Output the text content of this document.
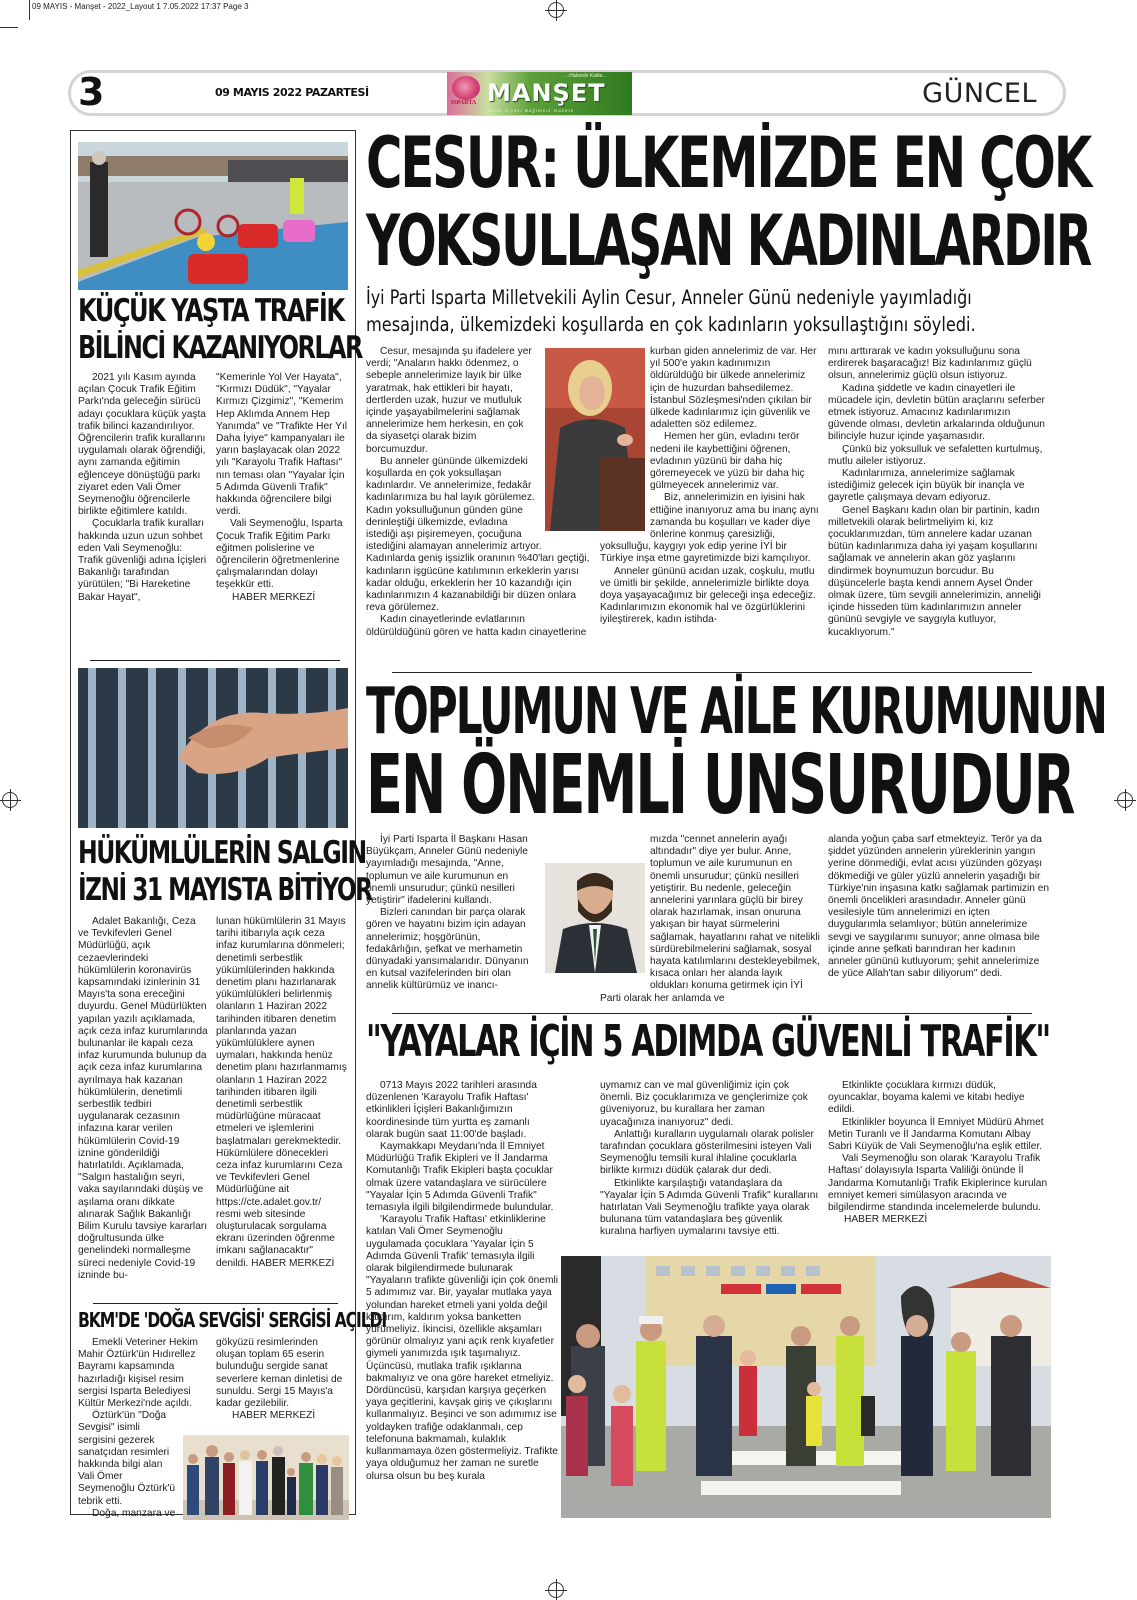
09 MAYIS - Manşet - 2022_Layout 1 7.05.2022 17:37 Page 3
3	09 MAYIS 2022 PAZARTESİ
ISPARTA
...Haberde Kalite...
MANŞET
Yerel Siyasi Bağımsız Gazete
GÜNCEL
KÜÇÜK YAŞTA TRAFİK
BİLİNCİ KAZANIYORLAR

2021 yılı Kasım ayında açılan Çocuk Trafik Eğitim Parkı'nda geleceğin sürücü adayı çocuklara küçük yaşta trafik bilinci kazandırılıyor. Öğrencilerin trafik kurallarını uygulamalı olarak öğrendiği, aynı zamanda eğitimin eğlenceye dönüştüğü parkı ziyaret eden Vali Ömer Seymenoğlu öğrencilerle birlikte eğitimlere katıldı.

Çocuklarla trafik kuralları hakkında uzun uzun sohbet eden Vali Seymenoğlu: Trafik güvenliği adına İçişleri Bakanlığı tarafından yürütülen; "Bi Hareketine Bakar Hayat",

"Kemerinle Yol Ver Hayata", "Kırmızı Düdük", "Yayalar Kırmızı Çizgimiz", "Kemerim Hep Aklımda Annem Hep Yanımda" ve "Trafikte Her Yıl Daha İyiye" kampanyaları ile yarın başlayacak olan 2022 yılı "Karayolu Trafik Haftası" nın teması olan "Yayalar İçin 5 Adımda Güvenli Trafik" hakkında öğrencilere bilgi verdi.

Vali Seymenoğlu, Isparta Çocuk Trafik Eğitim Parkı eğitmen polislerine ve öğrencilerin öğretmenlerine çalışmalarından dolayı teşekkür etti.

HABER MERKEZİ

HÜKÜMLÜLERİN SALGIN
İZNİ 31 MAYISTA BİTİYOR

Adalet Bakanlığı, Ceza ve Tevkifevleri Genel Müdürlüğü, açık cezaevlerindeki hükümlülerin koronavirüs kapsamındaki izinlerinin 31 Mayıs'ta sona ereceğini duyurdu. Genel Müdürlükten yapılan yazılı açıklamada, açık ceza infaz kurumlarında bulunanlar ile kapalı ceza infaz kurumunda bulunup da açık ceza infaz kurumlarına ayrılmaya hak kazanan hükümlülerin, denetimli serbestlik tedbiri uygulanarak cezasının infazına karar verilen hükümlülerin Covid-19 iznine gönderildiği hatırlatıldı. Açıklamada, "Salgın hastalığın seyri, vaka sayılarındaki düşüş ve aşılama oranı dikkate alınarak Sağlık Bakanlığı Bilim Kurulu tavsiye kararları doğrultusunda ülke genelindeki normalleşme süreci nedeniyle Covid-19 izninde bu-

lunan hükümlülerin 31 Mayıs tarihi itibarıyla açık ceza infaz kurumlarına dönmeleri; denetimli serbestlik yükümlülerinden hakkında denetim planı hazırlanarak yükümlülükleri belirlenmiş olanların 1 Haziran 2022 tarihinden itibaren denetim planlarında yazan yükümlülüklere aynen uymaları, hakkında henüz denetim planı hazırlanmamış olanların 1 Haziran 2022 tarihinden itibaren ilgili denetimli serbestlik müdürlüğüne müracaat etmeleri ve işlemlerini başlatmaları gerekmektedir. Hükümlülere dönecekleri ceza infaz kurumlarını Ceza ve Tevkifevleri Genel Müdürlüğüne ait https://cte.adalet.gov.tr/ resmi web sitesinde oluşturulacak sorgulama ekranı üzerinden öğrenme imkanı sağlanacaktır" denildi. HABER MERKEZİ

BKM'DE 'DOĞA SEVGİSİ' SERGİSİ AÇILDI

Emekli Veteriner Hekim Mahir Öztürk'ün Hıdırellez Bayramı kapsamında hazırladığı kişisel resim sergisi Isparta Belediyesi Kültür Merkezi'nde açıldı.

Öztürk'ün "Doğa Sevgisi" isimli sergisini gezerek sanatçıdan resimleri hakkında bilgi alan Vali Ömer Seymenoğlu Öztürk'ü tebrik etti.

Doğa, manzara ve

gökyüzü resimlerinden oluşan toplam 65 eserin bulunduğu sergide sanat severlere keman dinletisi de sunuldu. Sergi 15 Mayıs'a kadar gezilebilir.

HABER MERKEZİ

CESUR: ÜLKEMİZDE EN ÇOK
YOKSULLAŞAN KADINLARDIR
İyi Parti Isparta Milletvekili Aylin Cesur, Anneler Günü nedeniyle yayımladığı
mesajında, ülkemizdeki koşullarda en çok kadınların yoksullaştığını söyledi.

Cesur, mesajında şu ifadelere yer verdi; "Anaların hakkı ödenmez, o sebeple annelerimize layık bir ülke yaratmak, hak ettikleri bir hayatı, dertlerden uzak, huzur ve mutluluk içinde yaşayabilmelerini sağlamak annelerimize hem herkesin, en çok da siyasetçi olarak bizim borcumuzdur.

Bu anneler gününde ülkemizdeki koşullarda en çok yoksullaşan kadınlardır. Ve annelerimize, fedakâr kadınlarımıza bu hal layık görülemez. Kadın yoksulluğunun günden güne derinleştiği ülkemizde, evladına istediği aşı pişiremeyen, çocuğuna istediğini alamayan annelerimiz artıyor. Kadınlarda geniş işsizlik oranının %40'ları geçtiği, kadınların işgücüne katılımının erkeklerin yarısı kadar olduğu, erkeklerin her 10 kazandığı için kadınlarımızın 4 kazanabildiği bir düzen onlara reva görülemez.

Kadın cinayetlerinde evlatlarının öldürüldüğünü gören ve hatta kadın cinayetlerine

kurban giden annelerimiz de var. Her yıl 500'e yakın kadınımızın öldürüldüğü bir ülkede annelerimiz için de huzurdan bahsedilemez. İstanbul Sözleşmesi'nden çıkılan bir ülkede kadınlarımız için güvenlik ve adaletten söz edilemez.

Hemen her gün, evladını terör nedeni ile kaybettiğini öğrenen, evladının yüzünü bir daha hiç göremeyecek ve yüzü bir daha hiç gülmeyecek annelerimiz var.

Biz, annelerimizin en iyisini hak ettiğine inanıyoruz ama bu inanç aynı zamanda bu koşulları ve kader diye önlerine konmuş çaresizliği, yoksulluğu, kaygıyı yok edip yerine İYİ bir Türkiye inşa etme gayretimizde bizi kamçılıyor.

Anneler gününü acıdan uzak, coşkulu, mutlu ve ümitli bir şekilde, annelerimizle birlikte doya doya yaşayacağımız bir geleceği inşa edeceğiz. Kadınlarımızın ekonomik hal ve özgürlüklerini iyileştirerek, kadın istihda-

mını arttırarak ve kadın yoksulluğunu sona erdirerek başaracağız! Biz kadınlarımız güçlü olsun, annelerimiz güçlü olsun istiyoruz.

Kadına şiddetle ve kadın cinayetleri ile mücadele için, devletin bütün araçlarını seferber etmek istiyoruz. Amacınız kadınlarımızın güvende olması, devletin arkalarında olduğunun bilinciyle huzur içinde yaşamasıdır.

Çünkü biz yoksulluk ve sefaletten kurtulmuş, mutlu aileler istiyoruz.

Kadınlarımıza, annelerimize sağlamak istediğimiz gelecek için büyük bir inançla ve gayretle çalışmaya devam ediyoruz.

Genel Başkanı kadın olan bir partinin, kadın milletvekili olarak belirtmeliyim ki, kız çocuklarımızdan, tüm annelere kadar uzanan bütün kadınlarımıza daha iyi yaşam koşullarını sağlamak ve annelerin akan göz yaşlarını dindirmek boynumuzun borcudur. Bu düşüncelerle başta kendi annem Aysel Önder olmak üzere, tüm sevgili annelerimizin, anneliği içinde hisseden tüm kadınlarımızın anneler gününü sevgiyle ve saygıyla kutluyor, kucaklıyorum."

TOPLUMUN VE AİLE KURUMUNUN
EN ÖNEMLİ UNSURUDUR

İyi Parti Isparta İl Başkanı Hasan Büyükçam, Anneler Günü nedeniyle yayımladığı mesajında, "Anne, toplumun ve aile kurumunun en önemli unsurudur; çünkü nesilleri yetiştirir" ifadelerini kullandı.

Bizleri canından bir parça olarak gören ve hayatını bizim için adayan annelerimiz; hoşgörünün, fedakârlığın, şefkat ve merhametin dünyadaki yansımalarıdır. Dünyanın en kutsal vazifelerinden biri olan annelik kültürümüz ve inancı-

mızda "cennet annelerin ayağı altındadır" diye yer bulur. Anne, toplumun ve aile kurumunun en önemli unsurudur; çünkü nesilleri yetiştirir. Bu nedenle, geleceğin annelerini yarınlara güçlü bir birey olarak hazırlamak, insan onuruna yakışan bir hayat sürmelerini sağlamak, hayatlarını rahat ve nitelikli sürdürebilmelerini sağlamak, sosyal hayata katılımlarını destekleyebilmek, kısaca onları her alanda layık oldukları konuma getirmek için İYİ Parti olarak her anlamda ve

alanda yoğun çaba sarf etmekteyiz. Terör ya da şiddet yüzünden annelerin yüreklerinin yangın yerine dönmediği, evlat acısı yüzünden gözyaşı dökmediği ve güler yüzlü annelerin yaşadığı bir Türkiye'nin inşasına katkı sağlamak partimizin en önemli öncelikleri arasındadır. Anneler günü vesilesiyle tüm annelerimizi en içten duygularımla selamlıyor; bütün annelerimize sevgi ve saygılarımı sunuyor; anne olmasa bile içinde anne şefkati barındıran her kadının anneler gününü kutluyorum; şehit annelerimize de yüce Allah'tan sabır diliyorum" dedi.

"YAYALAR İÇİN 5 ADIMDA GÜVENLİ TRAFİK"

0713 Mayıs 2022 tarihleri arasında düzenlenen 'Karayolu Trafik Haftası' etkinlikleri İçişleri Bakanlığımızın koordinesinde tüm yurtta eş zamanlı olarak bugün saat 11:00'de başladı.

Kaymakkapı Meydanı'nda İl Emniyet Müdürlüğü Trafik Ekipleri ve İl Jandarma Komutanlığı Trafik Ekipleri başta çocuklar olmak üzere vatandaşlara ve sürücülere "Yayalar İçin 5 Adımda Güvenli Trafik" temasıyla ilgili bilgilendirmede bulundular.

'Karayolu Trafik Haftası' etkinliklerine katılan Vali Ömer Seymenoğlu uygulamada çocuklara 'Yayalar İçin 5 Adımda Güvenli Trafik' temasıyla ilgili olarak bilgilendirmede bulunarak "Yayaların trafikte güvenliği için çok önemli 5 adımımız var. Bir, yayalar mutlaka yaya yolundan hareket etmeli yani yolda değil kaldırım, kaldırım yoksa banketten yürümeliyiz. İkincisi, özellikle akşamları görünür olmalıyız yani açık renk kıyafetler giymeli yanımızda ışık taşımalıyız. Üçüncüsü, mutlaka trafik ışıklarına bakmalıyız ve ona göre hareket etmeliyiz. Dördüncüsü, karşıdan karşıya geçerken yaya geçitlerini, kavşak giriş ve çıkışlarını kullanmalıyız. Beşinci ve son adımımız ise yoldayken trafiğe odaklanmalı, cep telefonuna bakmamalı, kulaklık kullanmamaya özen göstermeliyiz. Trafikte yaya olduğumuz her zaman ne suretle olursa olsun bu beş kurala

uymamız can ve mal güvenliğimiz için çok önemli. Biz çocuklarımıza ve gençlerimize çok güveniyoruz, bu kurallara her zaman uyacağınıza inanıyoruz" dedi.

Anlattığı kuralların uygulamalı olarak polisler tarafından çocuklara gösterilmesini isteyen Vali Seymenoğlu temsili kural ihlaline çocuklarla birlikte kırmızı düdük çalarak dur dedi.

Etkinlikte karşılaştığı vatandaşlara da "Yayalar İçin 5 Adımda Güvenli Trafik" kurallarını hatırlatan Vali Seymenoğlu trafikte yaya olarak bulunana tüm vatandaşlara beş güvenlik kuralına harfiyen uymalarını tavsiye etti.

Etkinlikte çocuklara kırmızı düdük, oyuncaklar, boyama kalemi ve kitabı hediye edildi.

Etkinlikler boyunca İl Emniyet Müdürü Ahmet Metin Turanlı ve İl Jandarma Komutanı Albay Sabri Küyük de Vali Seymenoğlu'na eşlik ettiler.

Vali Seymenoğlu son olarak 'Karayolu Trafik Haftası' dolayısıyla Isparta Valiliği önünde İl Jandarma Komutanlığı Trafik Ekiplerince kurulan emniyet kemeri simülasyon aracında ve bilgilendirme standında incelemelerde bulundu.

HABER MERKEZİ
